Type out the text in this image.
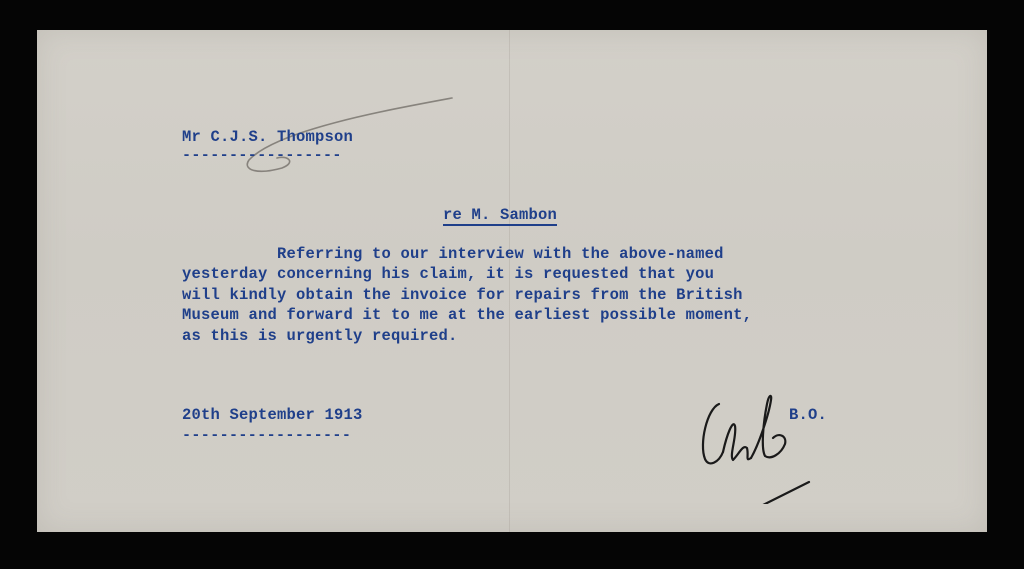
Mr C.J.S. Thompson
-----------------
re M. Sambon
Referring to our interview with the above-named
yesterday concerning his claim, it is requested that you
will kindly obtain the invoice for repairs from the British
Museum and forward it to me at the earliest possible moment,
as this is urgently required.
20th September 1913
------------------
B.O.
